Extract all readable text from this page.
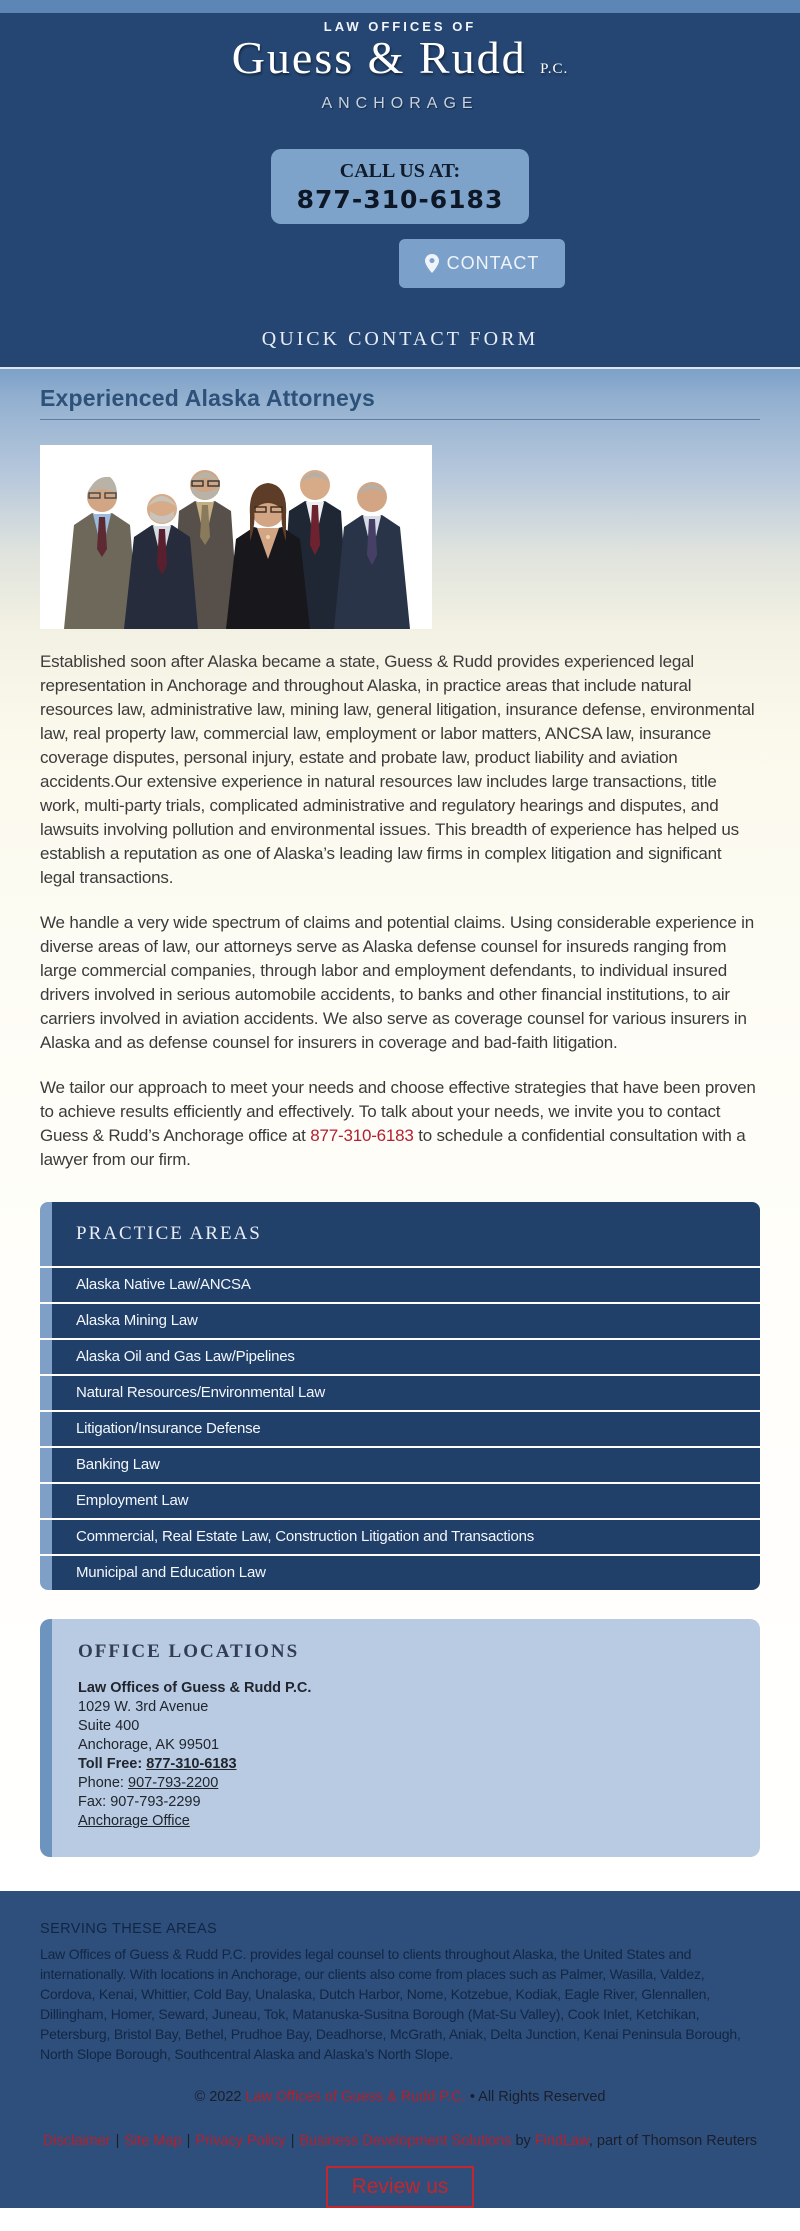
LAW OFFICES OF
Guess & Rudd P.C.
ANCHORAGE
CALL US AT:
877-310-6183
CONTACT
QUICK CONTACT FORM
Experienced Alaska Attorneys

Established soon after Alaska became a state, Guess & Rudd provides experienced legal representation in Anchorage and throughout Alaska, in practice areas that include natural resources law, administrative law, mining law, general litigation, insurance defense, environmental law, real property law, commercial law, employment or labor matters, ANCSA law, insurance coverage disputes, personal injury, estate and probate law, product liability and aviation accidents.Our extensive experience in natural resources law includes large transactions, title work, multi-party trials, complicated administrative and regulatory hearings and disputes, and lawsuits involving pollution and environmental issues. This breadth of experience has helped us establish a reputation as one of Alaska’s leading law firms in complex litigation and significant legal transactions.

We handle a very wide spectrum of claims and potential claims. Using considerable experience in diverse areas of law, our attorneys serve as Alaska defense counsel for insureds ranging from large commercial companies, through labor and employment defendants, to individual insured drivers involved in serious automobile accidents, to banks and other financial institutions, to air carriers involved in aviation accidents. We also serve as coverage counsel for various insurers in Alaska and as defense counsel for insurers in coverage and bad-faith litigation.

We tailor our approach to meet your needs and choose effective strategies that have been proven to achieve results efficiently and effectively. To talk about your needs, we invite you to contact Guess & Rudd’s Anchorage office at 877-310-6183 to schedule a confidential consultation with a lawyer from our firm.

PRACTICE AREAS
Alaska Native Law/ANCSA
Alaska Mining Law
Alaska Oil and Gas Law/Pipelines
Natural Resources/Environmental Law
Litigation/Insurance Defense
Banking Law
Employment Law
Commercial, Real Estate Law, Construction Litigation and Transactions
Municipal and Education Law
OFFICE LOCATIONS

Law Offices of Guess & Rudd P.C.

1029 W. 3rd Avenue

Suite 400

Anchorage, AK 99501

Toll Free: 877-310-6183

Phone: 907-793-2200

Fax: 907-793-2299

Anchorage Office

SERVING THESE AREAS

Law Offices of Guess & Rudd P.C. provides legal counsel to clients throughout Alaska, the United States and internationally. With locations in Anchorage, our clients also come from places such as Palmer, Wasilla, Valdez, Cordova, Kenai, Whittier, Cold Bay, Unalaska, Dutch Harbor, Nome, Kotzebue, Kodiak, Eagle River, Glennallen, Dillingham, Homer, Seward, Juneau, Tok, Matanuska-Susitna Borough (Mat-Su Valley), Cook Inlet, Ketchikan, Petersburg, Bristol Bay, Bethel, Prudhoe Bay, Deadhorse, McGrath, Aniak, Delta Junction, Kenai Peninsula Borough, North Slope Borough, Southcentral Alaska and Alaska’s North Slope.

© 2022 Law Offices of Guess & Rudd P.C. • All Rights Reserved
Disclaimer | Site Map | Privacy Policy | Business Development Solutions by FindLaw, part of Thomson Reuters
Review us
